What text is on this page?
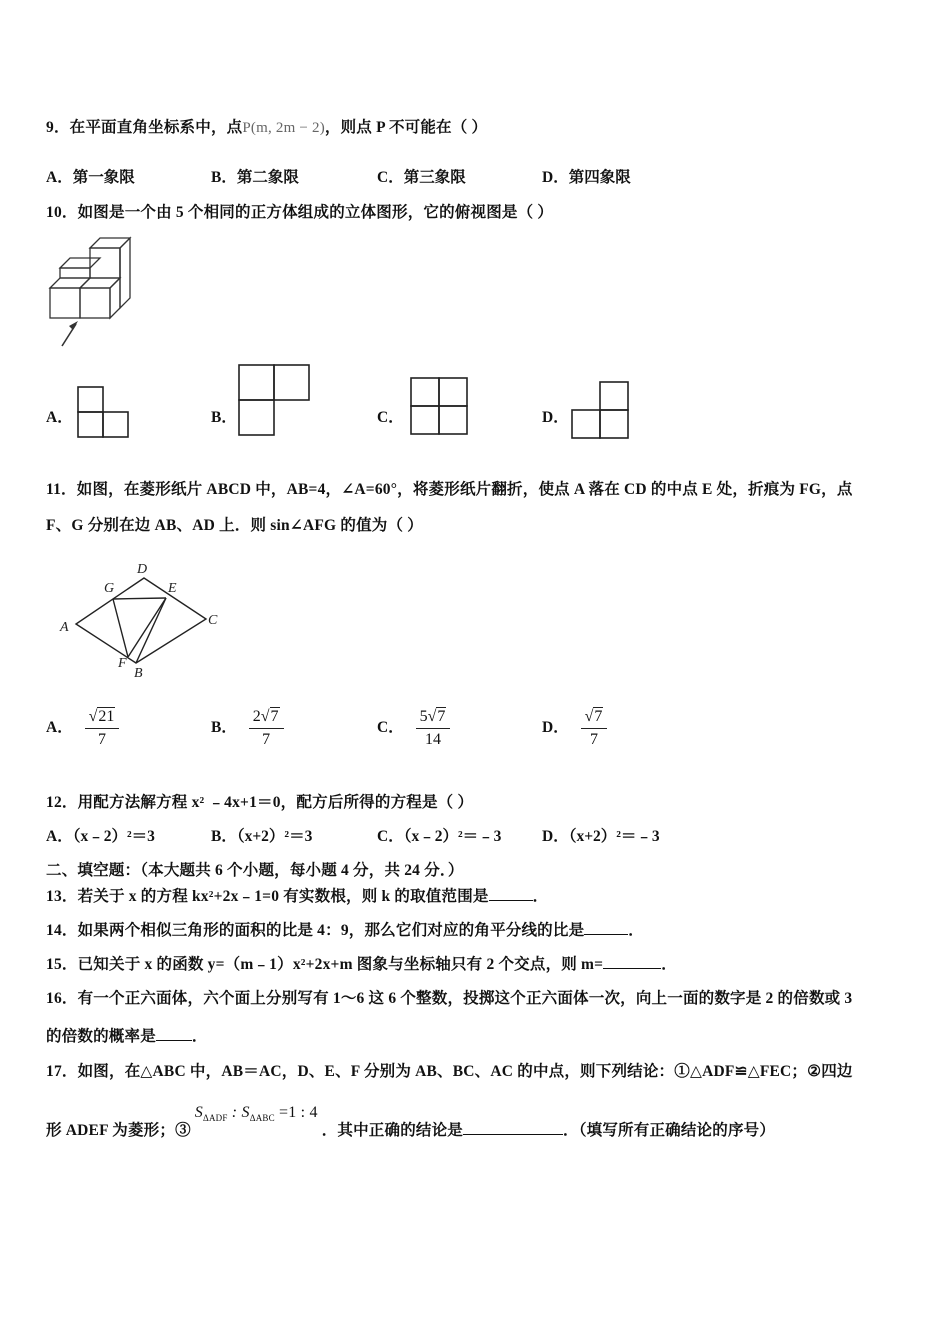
9．在平面直角坐标系中，点P(m, 2m − 2)，则点 P 不可能在（ ）
A．第一象限	B．第二象限	C．第三象限	D．第四象限
10．如图是一个由 5 个相同的正方体组成的立体图形，它的俯视图是（ ）
A．	B．	C．	D．
11．如图，在菱形纸片 ABCD 中，AB=4，∠A=60°，将菱形纸片翻折，使点 A 落在 CD 的中点 E 处，折痕为 FG，点
F、G 分别在边 AB、AD 上．则 sin∠AFG 的值为（ ）
A
B
C
D
E
F
G
A． $\frac{√21}{7}$	B． $\frac{2√7}{7}$	C． $\frac{5√7}{14}$	D． $\frac{√7}{7}$
12．用配方法解方程 x² ﹣4x+1＝0，配方后所得的方程是（ ）
A．（x﹣2）²＝3	B．（x+2）²＝3	C．（x﹣2）²＝﹣3	D．（x+2）²＝﹣3
二、填空题：（本大题共 6 个小题，每小题 4 分，共 24 分．）
13．若关于 x 的方程 kx²+2x﹣1=0 有实数根，则 k 的取值范围是	．
14．如果两个相似三角形的面积的比是 4：9，那么它们对应的角平分线的比是	．
15．已知关于 x 的函数 y=（m﹣1）x²+2x+m 图象与坐标轴只有 2 个交点，则 m=	．
16．有一个正六面体，六个面上分别写有 1～6 这 6 个整数，投掷这个正六面体一次，向上一面的数字是 2 的倍数或 3
的倍数的概率是 ．
17．如图，在△ABC 中，AB＝AC，D、E、F 分别为 AB、BC、AC 的中点，则下列结论：①△ADF≌△FEC；②四边
形 ADEF 为菱形；$③S_{\Delta ADF}$ : $S_{\Delta ABC} =1$ : 4．其中正确的结论是	．（填写所有正确结论的序号）
